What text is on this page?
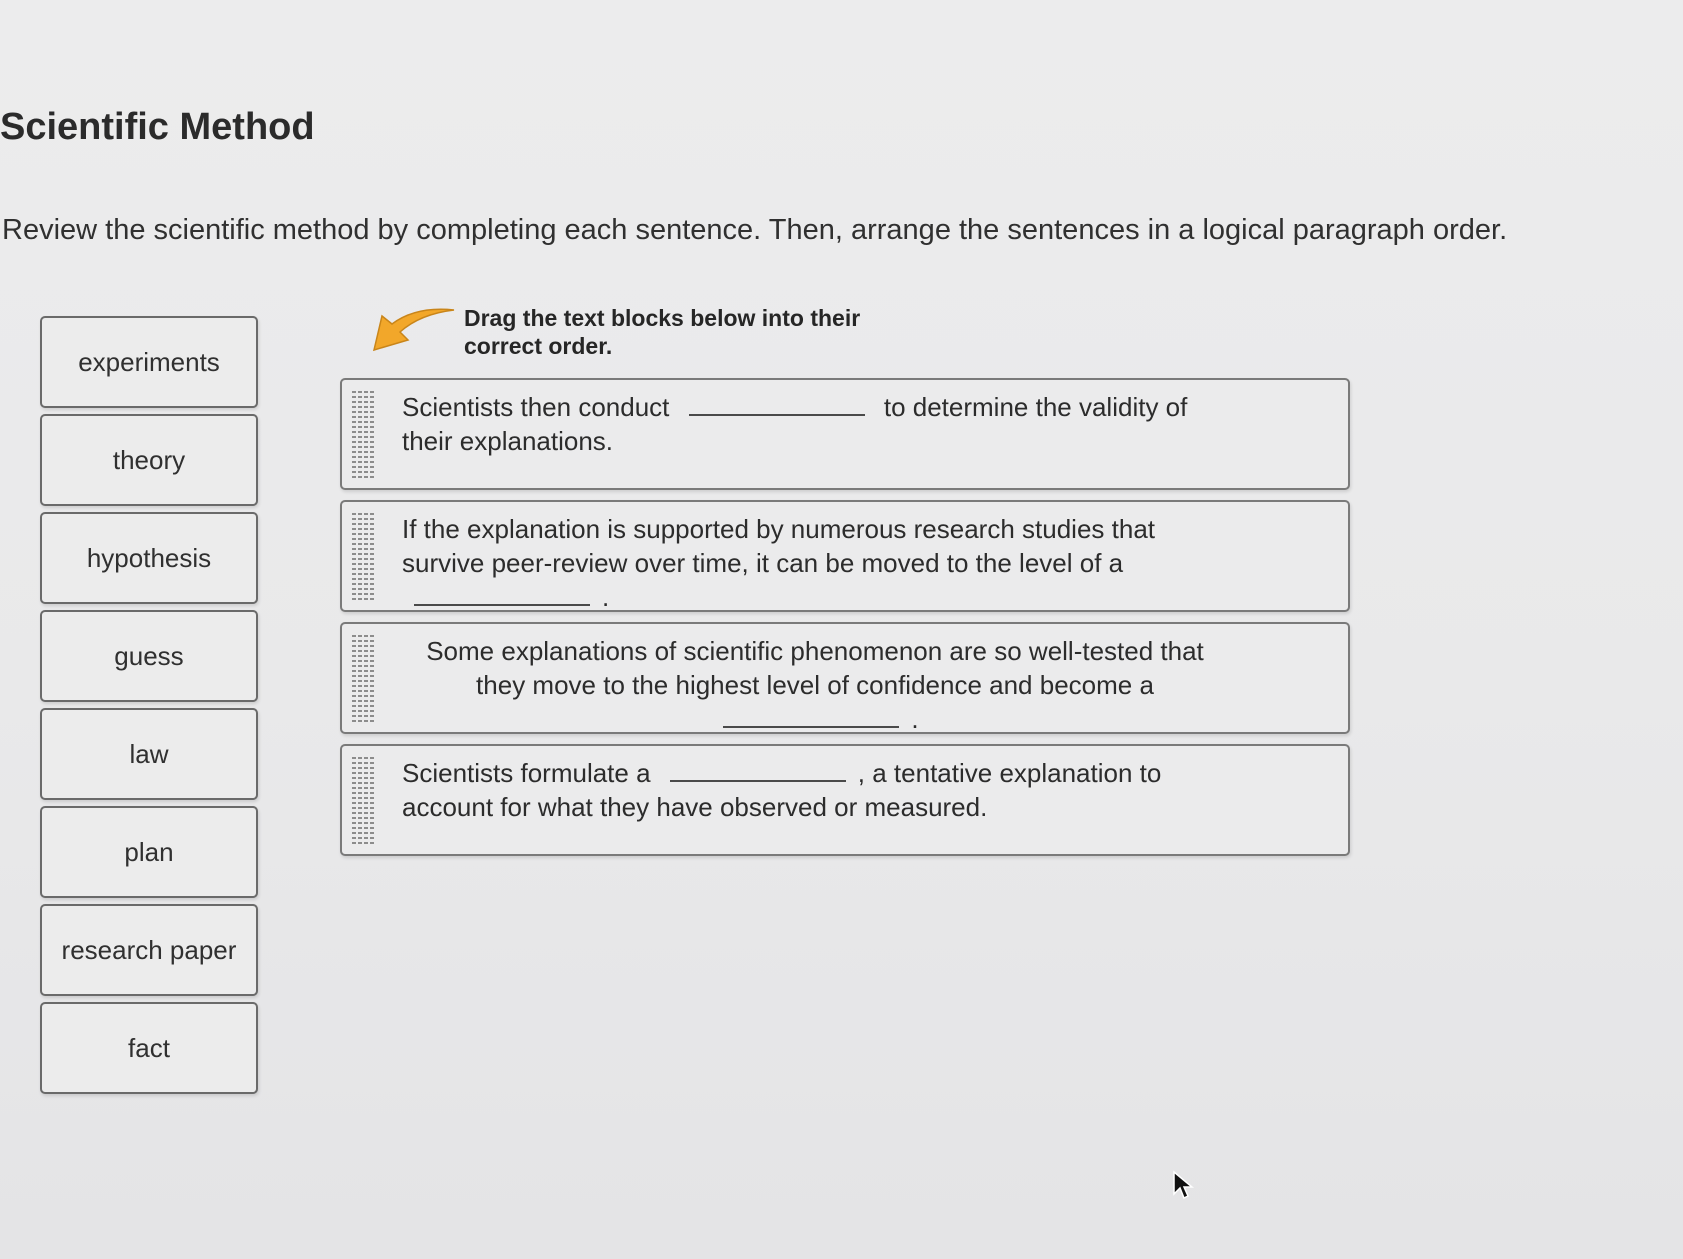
Scientific Method

Review the scientific method by completing each sentence. Then, arrange the sentences in a logical paragraph order.

experiments
theory
hypothesis
guess
law
plan
research paper
fact
Drag the text blocks below into their correct order.
Scientists then conduct	to determine the validity of their explanations.
If the explanation is supported by numerous research studies that survive peer-review over time, it can be moved to the level of a .
Some explanations of scientific phenomenon are so well-tested that they move to the highest level of confidence and become a .
Scientists formulate a	, a tentative explanation to account for what they have observed or measured.
